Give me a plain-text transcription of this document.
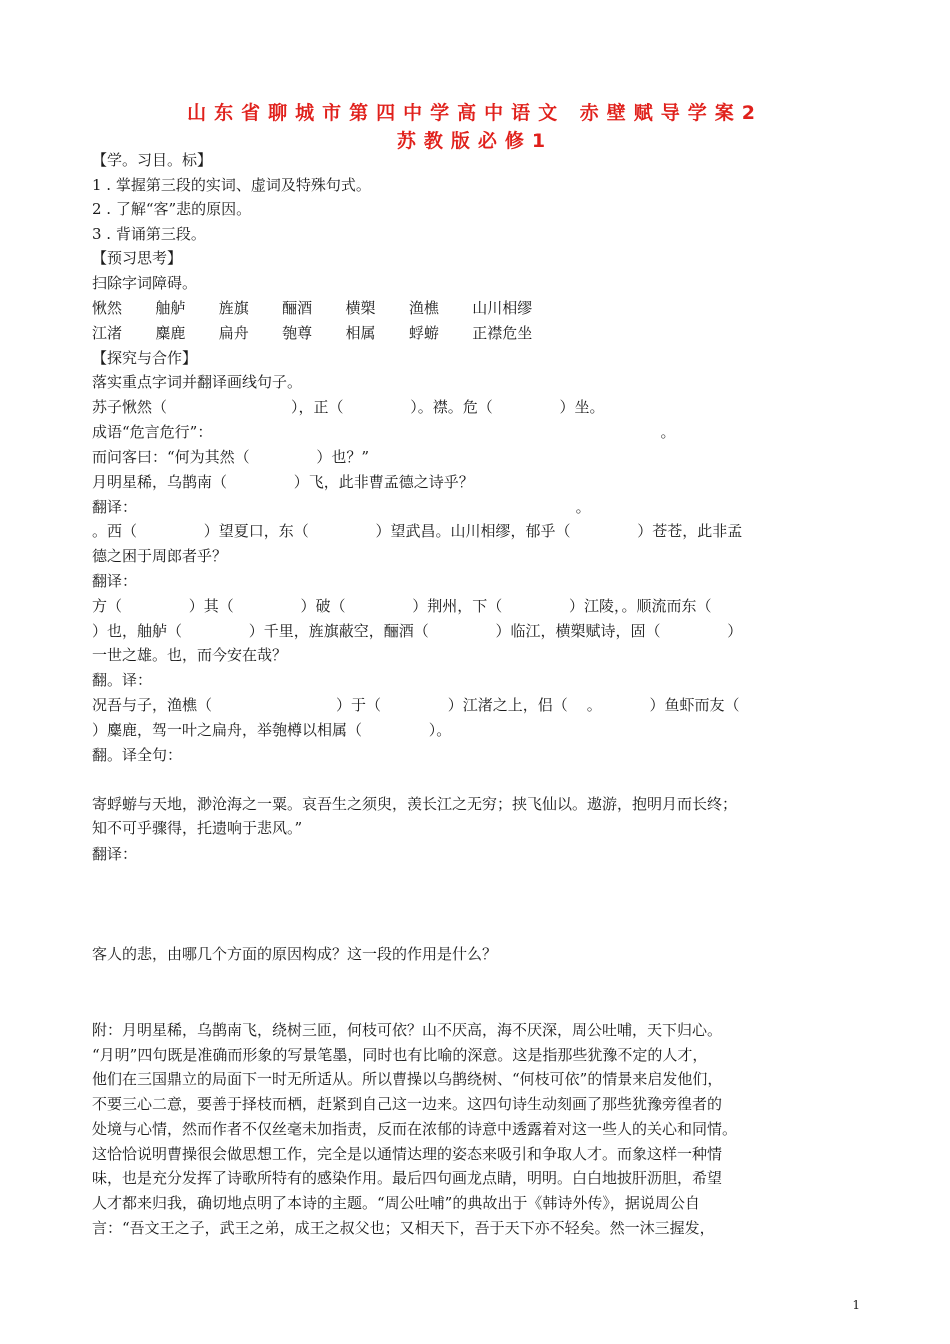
山东省聊城市第四中学高中语文 赤壁赋导学案2
苏教版必修1
【学。习目。标】
1 . 掌握第三段的实词、虚词及特殊句式。
2 . 了解“客”悲的原因。
3 . 背诵第三段。
【预习思考】
扫除字词障碍。
愀然       舳舻       旌旗       酾酒       横槊       渔樵       山川相缪
江渚       麋鹿       扁舟       匏尊       相属       蜉蝣       正襟危坐
【探究与合作】
落实重点字词并翻译画线句子。
苏子愀然（                          ），正（              ）。襟。危（              ）坐。
成语“危言危行”：                                                                                              。
而问客曰：“何为其然（              ）也？”
月明星稀，乌鹊南（              ）飞，此非曹孟德之诗乎？
翻译：                                                                                            。
。西（              ）望夏口，东（              ）望武昌。山川相缪，郁乎（              ）苍苍，此非孟
德之困于周郎者乎？
翻译：
方（              ）其（              ）破（              ）荆州，下（              ）江陵，。顺流而东（
）也，舳舻（              ）千里，旌旗蔽空，酾酒（              ）临江，横槊赋诗，固（              ）
一世之雄。也，而今安在哉？
翻。译：
况吾与子，渔樵（                          ）于（              ）江渚之上，侣（    。          ）鱼虾而友（
）麋鹿，驾一叶之扁舟，举匏樽以相属（              ）。
翻。译全句：
寄蜉蝣与天地，渺沧海之一粟。哀吾生之须臾，羡长江之无穷；挟飞仙以。遨游，抱明月而长终；
知不可乎骤得，托遗响于悲风。”
翻译：
客人的悲，由哪几个方面的原因构成？这一段的作用是什么？
附：月明星稀，乌鹊南飞，绕树三匝，何枝可依？山不厌高，海不厌深，周公吐哺，天下归心。
“月明”四句既是准确而形象的写景笔墨，同时也有比喻的深意。这是指那些犹豫不定的人才，
他们在三国鼎立的局面下一时无所适从。所以曹操以乌鹊绕树、“何枝可依”的情景来启发他们，
不要三心二意，要善于择枝而栖，赶紧到自己这一边来。这四句诗生动刻画了那些犹豫旁徨者的
处境与心情，然而作者不仅丝毫未加指责，反而在浓郁的诗意中透露着对这一些人的关心和同情。
这恰恰说明曹操很会做思想工作，完全是以通情达理的姿态来吸引和争取人才。而象这样一种情
味，也是充分发挥了诗歌所特有的感染作用。最后四句画龙点睛，明明。白白地披肝沥胆，希望
人才都来归我，确切地点明了本诗的主题。“周公吐哺”的典故出于《韩诗外传》，据说周公自
言：“吾文王之子，武王之弟，成王之叔父也；又相天下，吾于天下亦不轻矣。然一沐三握发，
1
